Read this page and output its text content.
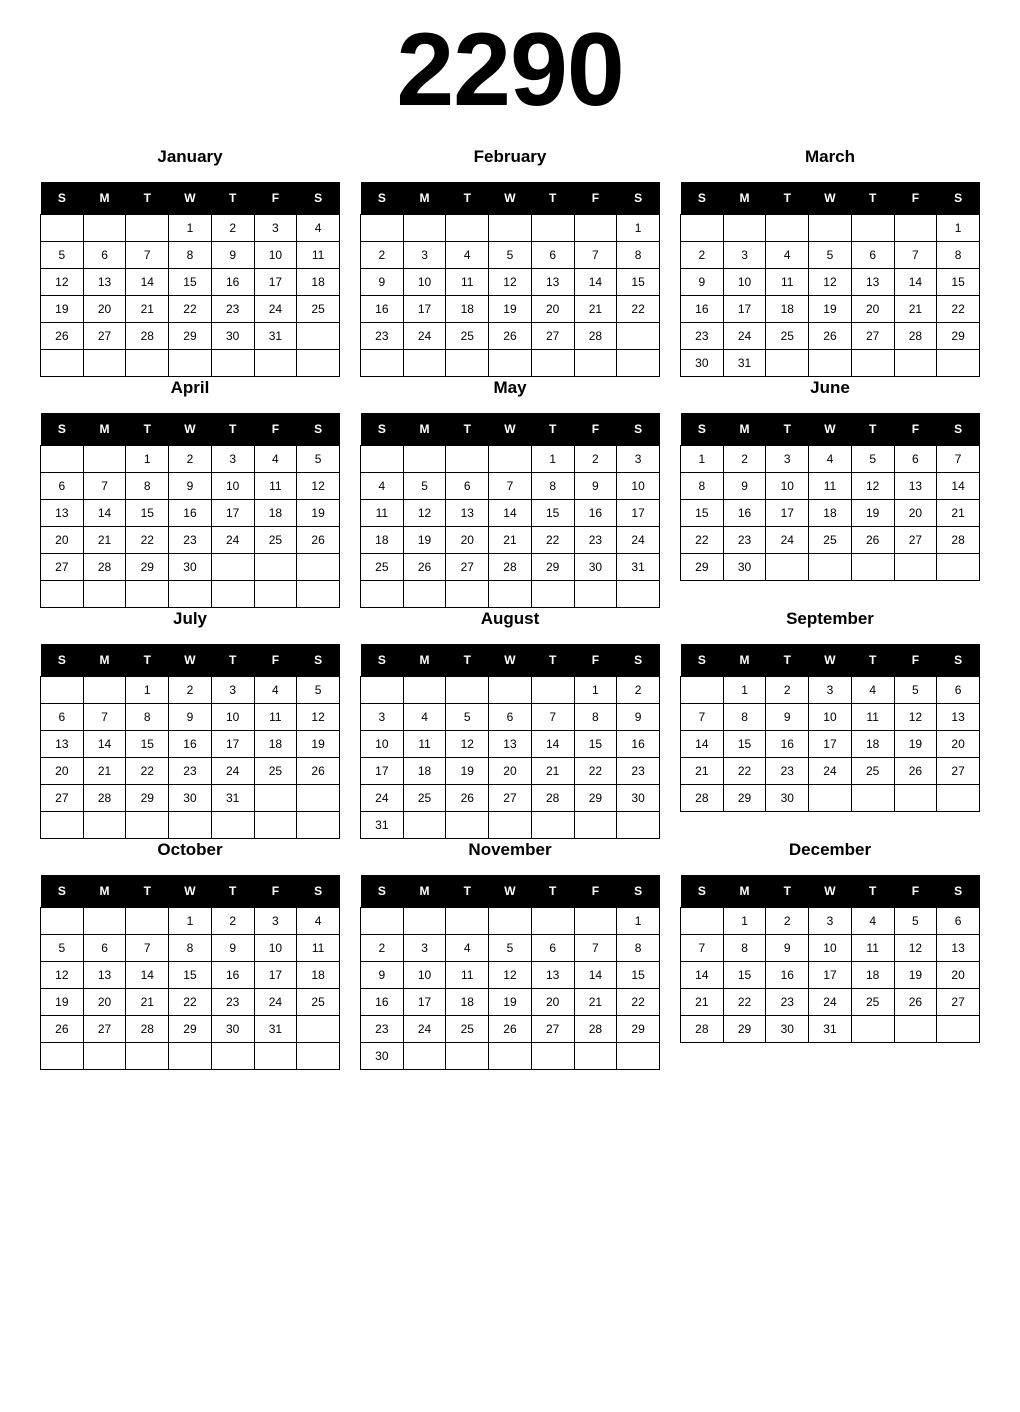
2290
January
S	M	T	W	T	F	S
			1	2	3	4
5	6	7	8	9	10	11
12	13	14	15	16	17	18
19	20	21	22	23	24	25
26	27	28	29	30	31	

February
S	M	T	W	T	F	S
						1
2	3	4	5	6	7	8
9	10	11	12	13	14	15
16	17	18	19	20	21	22
23	24	25	26	27	28	

March
S	M	T	W	T	F	S
						1
2	3	4	5	6	7	8
9	10	11	12	13	14	15
16	17	18	19	20	21	22
23	24	25	26	27	28	29
30	31					
April
S	M	T	W	T	F	S
		1	2	3	4	5
6	7	8	9	10	11	12
13	14	15	16	17	18	19
20	21	22	23	24	25	26
27	28	29	30			

May
S	M	T	W	T	F	S
				1	2	3
4	5	6	7	8	9	10
11	12	13	14	15	16	17
18	19	20	21	22	23	24
25	26	27	28	29	30	31

June
S	M	T	W	T	F	S
1	2	3	4	5	6	7
8	9	10	11	12	13	14
15	16	17	18	19	20	21
22	23	24	25	26	27	28
29	30					
July
S	M	T	W	T	F	S
		1	2	3	4	5
6	7	8	9	10	11	12
13	14	15	16	17	18	19
20	21	22	23	24	25	26
27	28	29	30	31		

August
S	M	T	W	T	F	S
					1	2
3	4	5	6	7	8	9
10	11	12	13	14	15	16
17	18	19	20	21	22	23
24	25	26	27	28	29	30
31						
September
S	M	T	W	T	F	S
	1	2	3	4	5	6
7	8	9	10	11	12	13
14	15	16	17	18	19	20
21	22	23	24	25	26	27
28	29	30				
October
S	M	T	W	T	F	S
			1	2	3	4
5	6	7	8	9	10	11
12	13	14	15	16	17	18
19	20	21	22	23	24	25
26	27	28	29	30	31	

November
S	M	T	W	T	F	S
						1
2	3	4	5	6	7	8
9	10	11	12	13	14	15
16	17	18	19	20	21	22
23	24	25	26	27	28	29
30						
December
S	M	T	W	T	F	S
	1	2	3	4	5	6
7	8	9	10	11	12	13
14	15	16	17	18	19	20
21	22	23	24	25	26	27
28	29	30	31			
